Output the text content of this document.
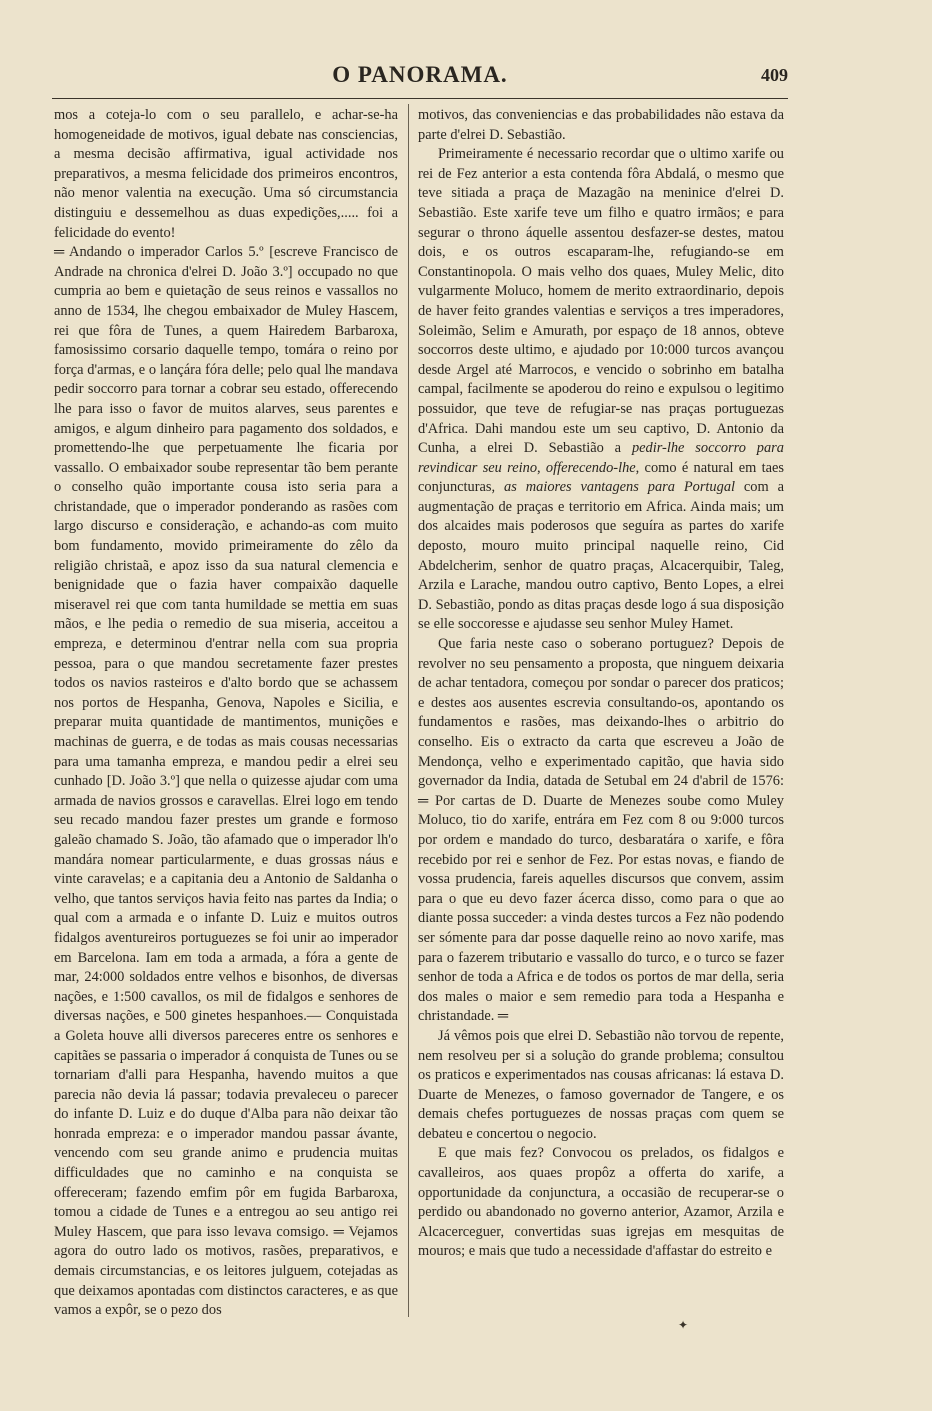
O PANORAMA.	409

mos a coteja-lo com o seu parallelo, e achar-se-ha homogeneidade de motivos, igual debate nas consciencias, a mesma decisão affirmativa, igual actividade nos preparativos, a mesma felicidade dos primeiros encontros, não menor valentia na execução. Uma só circumstancia distinguiu e dessemelhou as duas expedições,..... foi a felicidade do evento!

═ Andando o imperador Carlos 5.º [escreve Francisco de Andrade na chronica d'elrei D. João 3.º] occupado no que cumpria ao bem e quietação de seus reinos e vassallos no anno de 1534, lhe chegou embaixador de Muley Hascem, rei que fôra de Tunes, a quem Hairedem Barbaroxa, famosissimo corsario daquelle tempo, tomára o reino por força d'armas, e o lançára fóra delle; pelo qual lhe mandava pedir soccorro para tornar a cobrar seu estado, offerecendo lhe para isso o favor de muitos alarves, seus parentes e amigos, e algum dinheiro para pagamento dos soldados, e promettendo-lhe que perpetuamente lhe ficaria por vassallo. O embaixador soube representar tão bem perante o conselho quão importante cousa isto seria para a christandade, que o imperador ponderando as rasões com largo discurso e consideração, e achando-as com muito bom fundamento, movido primeiramente do zêlo da religião christaã, e apoz isso da sua natural clemencia e benignidade que o fazia haver compaixão daquelle miseravel rei que com tanta humildade se mettia em suas mãos, e lhe pedia o remedio de sua miseria, acceitou a empreza, e determinou d'entrar nella com sua propria pessoa, para o que mandou secretamente fazer prestes todos os navios rasteiros e d'alto bordo que se achassem nos portos de Hespanha, Genova, Napoles e Sicilia, e preparar muita quantidade de mantimentos, munições e machinas de guerra, e de todas as mais cousas necessarias para uma tamanha empreza, e mandou pedir a elrei seu cunhado [D. João 3.º] que nella o quizesse ajudar com uma armada de navios grossos e caravellas. Elrei logo em tendo seu recado mandou fazer prestes um grande e formoso galeão chamado S. João, tão afamado que o imperador lh'o mandára nomear particularmente, e duas grossas náus e vinte caravelas; e a capitania deu a Antonio de Saldanha o velho, que tantos serviços havia feito nas partes da India; o qual com a armada e o infante D. Luiz e muitos outros fidalgos aventureiros portuguezes se foi unir ao imperador em Barcelona. Iam em toda a armada, a fóra a gente de mar, 24:000 soldados entre velhos e bisonhos, de diversas nações, e 1:500 cavallos, os mil de fidalgos e senhores de diversas nações, e 500 ginetes hespanhoes.— Conquistada a Goleta houve alli diversos pareceres entre os senhores e capitães se passaria o imperador á conquista de Tunes ou se tornariam d'alli para Hespanha, havendo muitos a que parecia não devia lá passar; todavia prevaleceu o parecer do infante D. Luiz e do duque d'Alba para não deixar tão honrada empreza: e o imperador mandou passar ávante, vencendo com seu grande animo e prudencia muitas difficuldades que no caminho e na conquista se offereceram; fazendo emfim pôr em fugida Barbaroxa, tomou a cidade de Tunes e a entregou ao seu antigo rei Muley Hascem, que para isso levava comsigo. ═ Vejamos agora do outro lado os motivos, rasões, preparativos, e demais circumstancias, e os leitores julguem, cotejadas as que deixamos apontadas com distinctos caracteres, e as que vamos a expôr, se o pezo dos

motivos, das conveniencias e das probabilidades não estava da parte d'elrei D. Sebastião.

Primeiramente é necessario recordar que o ultimo xarife ou rei de Fez anterior a esta contenda fôra Abdalá, o mesmo que teve sitiada a praça de Mazagão na meninice d'elrei D. Sebastião. Este xarife teve um filho e quatro irmãos; e para segurar o throno áquelle assentou desfazer-se destes, matou dois, e os outros escaparam-lhe, refugiando-se em Constantinopola. O mais velho dos quaes, Muley Melic, dito vulgarmente Moluco, homem de merito extraordinario, depois de haver feito grandes valentias e serviços a tres imperadores, Soleimão, Selim e Amurath, por espaço de 18 annos, obteve soccorros deste ultimo, e ajudado por 10:000 turcos avançou desde Argel até Marrocos, e vencido o sobrinho em batalha campal, facilmente se apoderou do reino e expulsou o legitimo possuidor, que teve de refugiar-se nas praças portuguezas d'Africa. Dahi mandou este um seu captivo, D. Antonio da Cunha, a elrei D. Sebastião a pedir-lhe soccorro para revindicar seu reino, offerecendo-lhe, como é natural em taes conjuncturas, as maiores vantagens para Portugal com a augmentação de praças e territorio em Africa. Ainda mais; um dos alcaides mais poderosos que seguíra as partes do xarife deposto, mouro muito principal naquelle reino, Cid Abdelcherim, senhor de quatro praças, Alcacerquibir, Taleg, Arzila e Larache, mandou outro captivo, Bento Lopes, a elrei D. Sebastião, pondo as ditas praças desde logo á sua disposição se elle soccoresse e ajudasse seu senhor Muley Hamet.

Que faria neste caso o soberano portuguez? Depois de revolver no seu pensamento a proposta, que ninguem deixaria de achar tentadora, começou por sondar o parecer dos praticos; e destes aos ausentes escrevia consultando-os, apontando os fundamentos e rasões, mas deixando-lhes o arbitrio do conselho. Eis o extracto da carta que escreveu a João de Mendonça, velho e experimentado capitão, que havia sido governador da India, datada de Setubal em 24 d'abril de 1576: ═ Por cartas de D. Duarte de Menezes soube como Muley Moluco, tio do xarife, entrára em Fez com 8 ou 9:000 turcos por ordem e mandado do turco, desbaratára o xarife, e fôra recebido por rei e senhor de Fez. Por estas novas, e fiando de vossa prudencia, fareis aquelles discursos que convem, assim para o que eu devo fazer ácerca disso, como para o que ao diante possa succeder: a vinda destes turcos a Fez não podendo ser sómente para dar posse daquelle reino ao novo xarife, mas para o fazerem tributario e vassallo do turco, e o turco se fazer senhor de toda a Africa e de todos os portos de mar della, seria dos males o maior e sem remedio para toda a Hespanha e christandade. ═

Já vêmos pois que elrei D. Sebastião não torvou de repente, nem resolveu per si a solução do grande problema; consultou os praticos e experimentados nas cousas africanas: lá estava D. Duarte de Menezes, o famoso governador de Tangere, e os demais chefes portuguezes de nossas praças com quem se debateu e concertou o negocio.

E que mais fez? Convocou os prelados, os fidalgos e cavalleiros, aos quaes propôz a offerta do xarife, a opportunidade da conjunctura, a occasião de recuperar-se o perdido ou abandonado no governo anterior, Azamor, Arzila e Alcacerceguer, convertidas suas igrejas em mesquitas de mouros; e mais que tudo a necessidade d'affastar do estreito e

✦
